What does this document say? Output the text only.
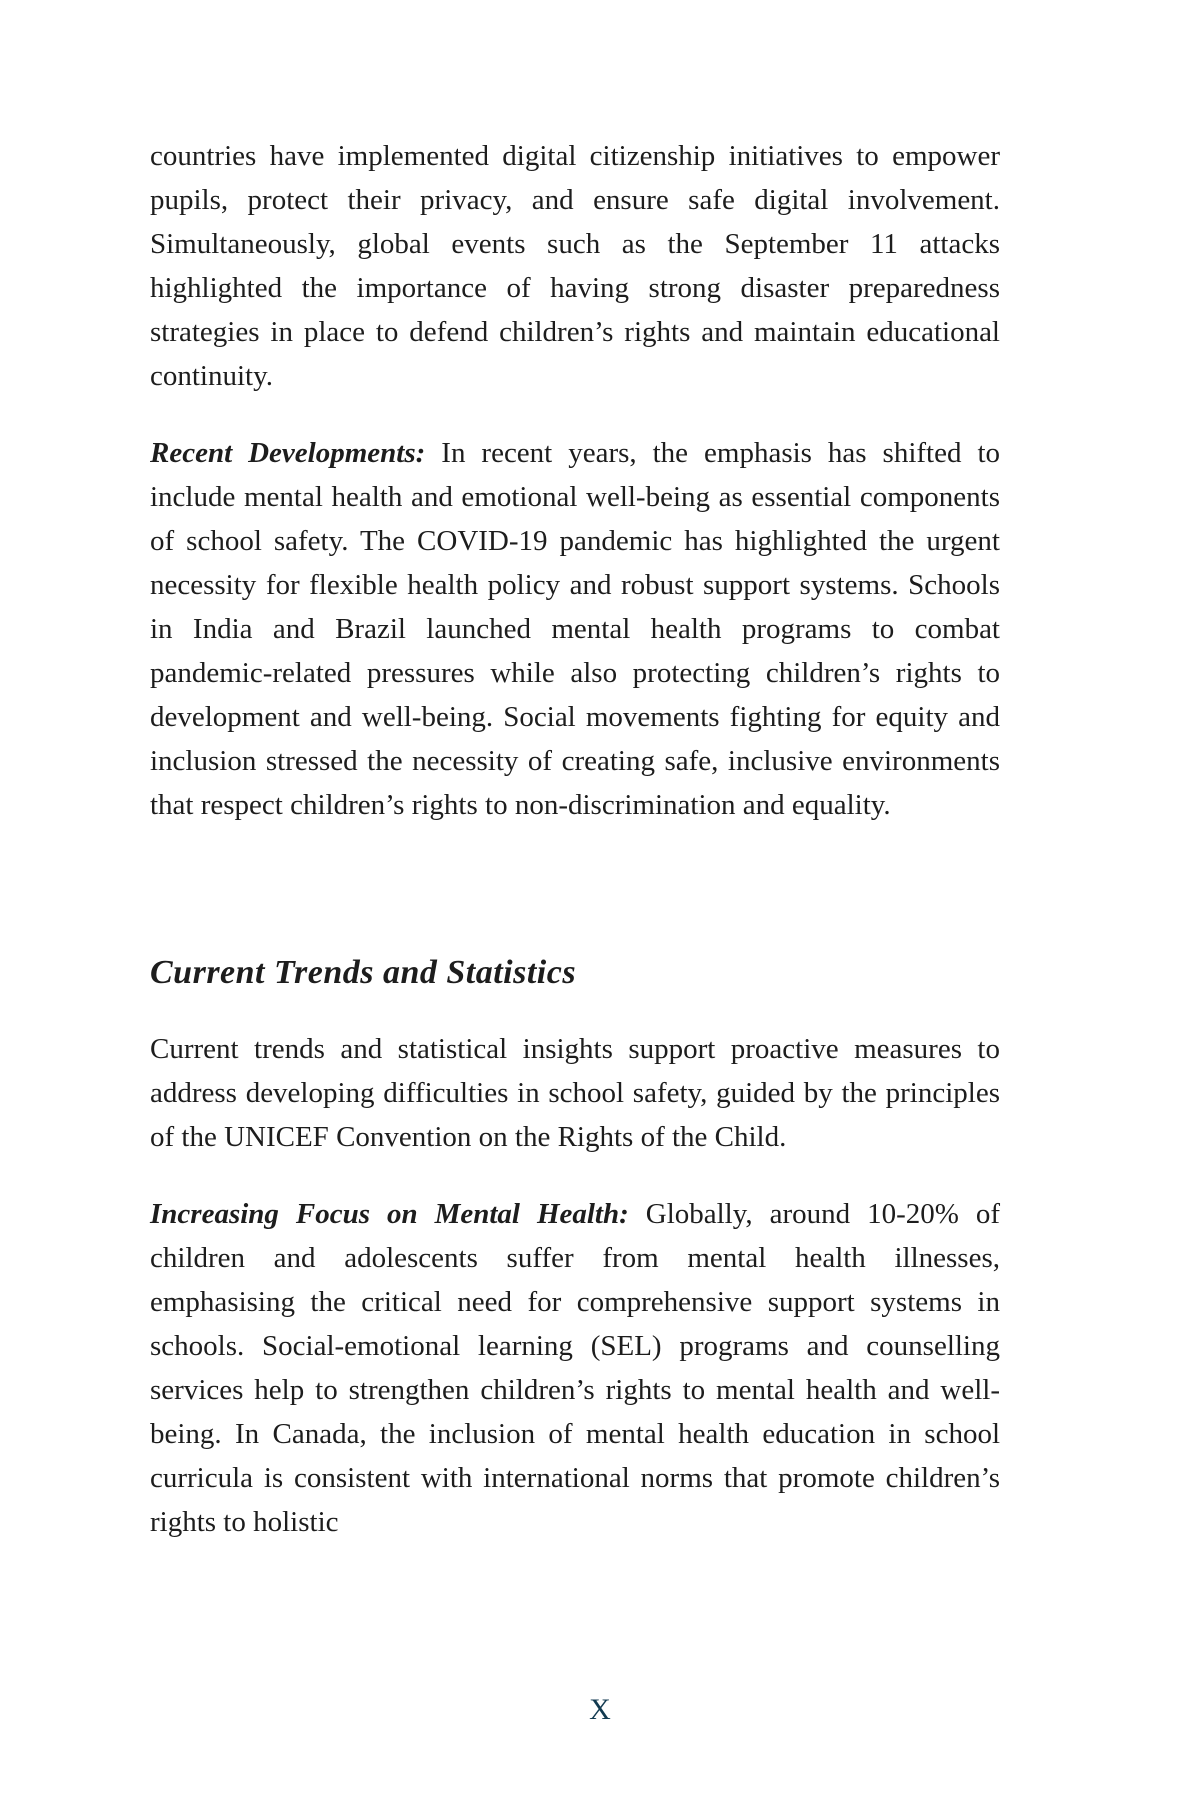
countries have implemented digital citizenship initiatives to empower pupils, protect their privacy, and ensure safe digital involvement. Simultaneously, global events such as the September 11 attacks highlighted the importance of having strong disaster preparedness strategies in place to defend children’s rights and maintain educational continuity.

Recent Developments: In recent years, the emphasis has shifted to include mental health and emotional well-being as essential components of school safety. The COVID-19 pandemic has highlighted the urgent necessity for flexible health policy and robust support systems. Schools in India and Brazil launched mental health programs to combat pandemic-related pressures while also protecting children’s rights to development and well-being. Social movements fighting for equity and inclusion stressed the necessity of creating safe, inclusive environments that respect children’s rights to non-discrimination and equality.

Current Trends and Statistics

Current trends and statistical insights support proactive measures to address developing difficulties in school safety, guided by the principles of the UNICEF Convention on the Rights of the Child.

Increasing Focus on Mental Health: Globally, around 10-20% of children and adolescents suffer from mental health illnesses, emphasising the critical need for comprehensive support systems in schools. Social-emotional learning (SEL) programs and counselling services help to strengthen children’s rights to mental health and well-being. In Canada, the inclusion of mental health education in school curricula is consistent with international norms that promote children’s rights to holistic

X
